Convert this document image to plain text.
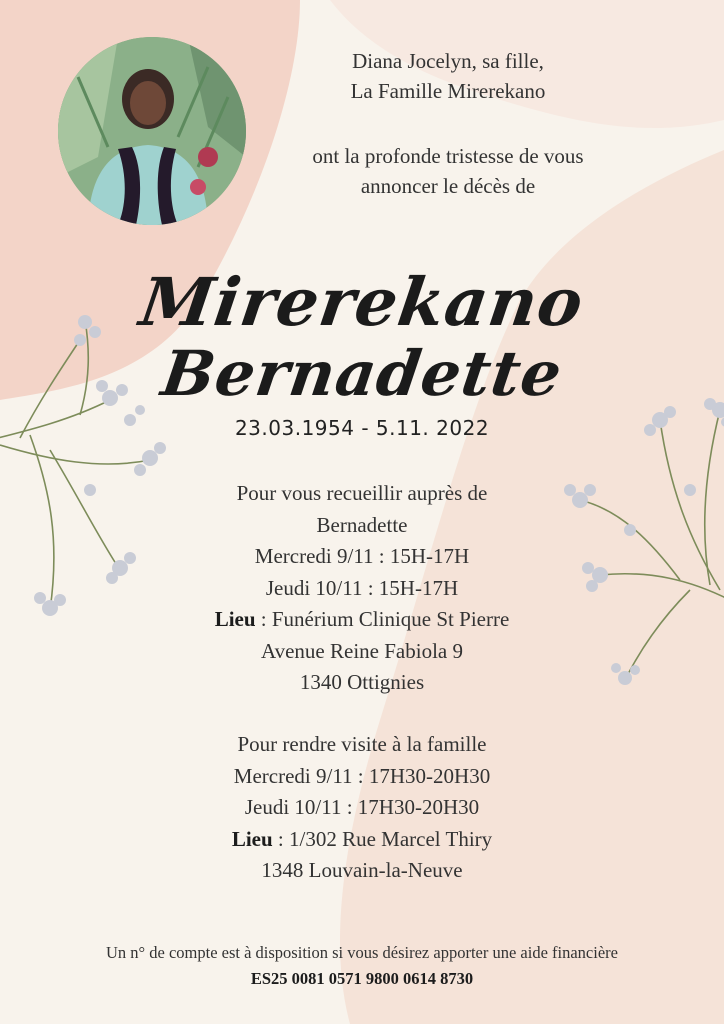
Diana Jocelyn, sa fille,
La Famille Mirerekano
ont la profonde tristesse de vous
annoncer le décès de
Mirerekano
Bernadette
23.03.1954 - 5.11. 2022
Pour vous recueillir auprès de
Bernadette
Mercredi 9/11 : 15H-17H
Jeudi 10/11 : 15H-17H
Lieu : Funérium Clinique St Pierre
Avenue Reine Fabiola 9
1340 Ottignies
Pour rendre visite à la famille
Mercredi 9/11 : 17H30-20H30
Jeudi 10/11 : 17H30-20H30
Lieu : 1/302 Rue Marcel Thiry
1348 Louvain-la-Neuve
Un n° de compte est à disposition si vous désirez apporter une aide financière
ES25 0081 0571 9800 0614 8730
